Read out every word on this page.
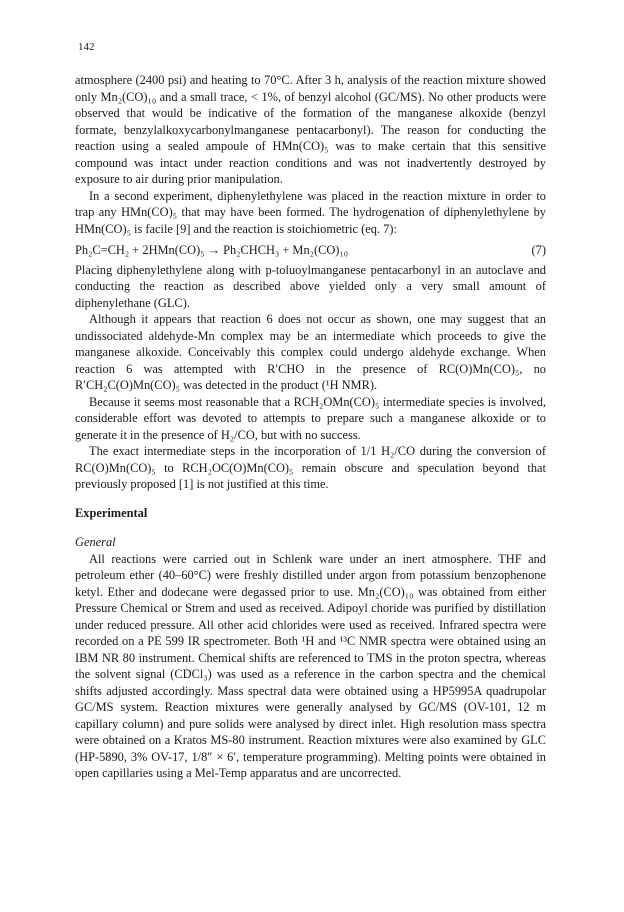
142

atmosphere (2400 psi) and heating to 70°C. After 3 h, analysis of the reaction mixture showed only Mn₂(CO)₁₀ and a small trace, < 1%, of benzyl alcohol (GC/MS). No other products were observed that would be indicative of the formation of the manganese alkoxide (benzyl formate, benzylalkoxycarbonylmanganese pentacarbonyl). The reason for conducting the reaction using a sealed ampoule of HMn(CO)₅ was to make certain that this sensitive compound was intact under reaction conditions and was not inadvertently destroyed by exposure to air during prior manipulation.

In a second experiment, diphenylethylene was placed in the reaction mixture in order to trap any HMn(CO)₅ that may have been formed. The hydrogenation of diphenylethylene by HMn(CO)₅ is facile [9] and the reaction is stoichiometric (eq. 7):

Ph₂C=CH₂ + 2HMn(CO)₅ → Ph₂CHCH₃ + Mn₂(CO)₁₀	(7)

Placing diphenylethylene along with p-toluoylmanganese pentacarbonyl in an autoclave and conducting the reaction as described above yielded only a very small amount of diphenylethane (GLC).

Although it appears that reaction 6 does not occur as shown, one may suggest that an undissociated aldehyde-Mn complex may be an intermediate which proceeds to give the manganese alkoxide. Conceivably this complex could undergo aldehyde exchange. When reaction 6 was attempted with R′CHO in the presence of RC(O)Mn(CO)₅, no R′CH₂C(O)Mn(CO)₅ was detected in the product (¹H NMR).

Because it seems most reasonable that a RCH₂OMn(CO)₅ intermediate species is involved, considerable effort was devoted to attempts to prepare such a manganese alkoxide or to generate it in the presence of H₂/CO, but with no success.

The exact intermediate steps in the incorporation of 1/1 H₂/CO during the conversion of RC(O)Mn(CO)₅ to RCH₂OC(O)Mn(CO)₅ remain obscure and speculation beyond that previously proposed [1] is not justified at this time.

Experimental

General

All reactions were carried out in Schlenk ware under an inert atmosphere. THF and petroleum ether (40–60°C) were freshly distilled under argon from potassium benzophenone ketyl. Ether and dodecane were degassed prior to use. Mn₂(CO)₁₀ was obtained from either Pressure Chemical or Strem and used as received. Adipoyl choride was purified by distillation under reduced pressure. All other acid chlorides were used as received. Infrared spectra were recorded on a PE 599 IR spectrometer. Both ¹H and ¹³C NMR spectra were obtained using an IBM NR 80 instrument. Chemical shifts are referenced to TMS in the proton spectra, whereas the solvent signal (CDCl₃) was used as a reference in the carbon spectra and the chemical shifts adjusted accordingly. Mass spectral data were obtained using a HP5995A quadrupolar GC/MS system. Reaction mixtures were generally analysed by GC/MS (OV-101, 12 m capillary column) and pure solids were analysed by direct inlet. High resolution mass spectra were obtained on a Kratos MS-80 instrument. Reaction mixtures were also examined by GLC (HP-5890, 3% OV-17, 1/8″ × 6′, temperature programming). Melting points were obtained in open capillaries using a Mel-Temp apparatus and are uncorrected.
